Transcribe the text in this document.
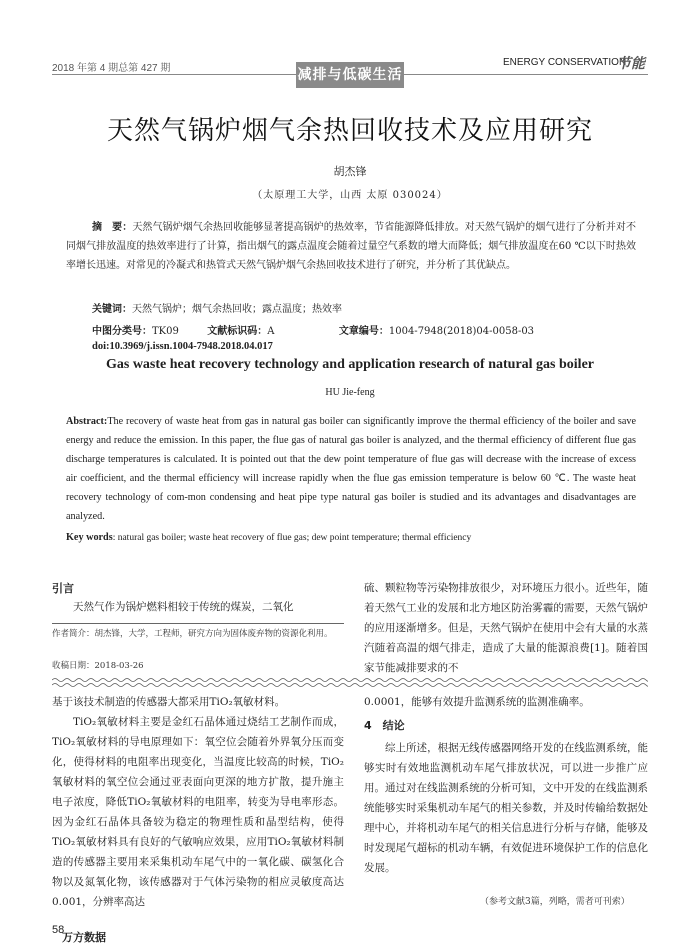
2018 年第 4 期总第 427 期
ENERGY CONSERVATION
节能
减排与低碳生活
天然气锅炉烟气余热回收技术及应用研究
胡杰锋
（太原理工大学，山西 太原 030024）
摘　要：天然气锅炉烟气余热回收能够显著提高锅炉的热效率，节省能源降低排放。对天然气锅炉的烟气进行了分析并对不同烟气排放温度的热效率进行了计算，指出烟气的露点温度会随着过量空气系数的增大而降低；烟气排放温度在60 ℃以下时热效率增长迅速。对常见的冷凝式和热管式天然气锅炉烟气余热回收技术进行了研究，并分析了其优缺点。
关键词：天然气锅炉；烟气余热回收；露点温度；热效率
中图分类号：TK09	文献标识码：A	文章编号：1004-7948(2018)04-0058-03
doi:10.3969/j.issn.1004-7948.2018.04.017
Gas waste heat recovery technology and application research of natural gas boiler
HU Jie-feng
Abstract:The recovery of waste heat from gas in natural gas boiler can significantly improve the thermal efficiency of the boiler and save energy and reduce the emission. In this paper, the flue gas of natural gas boiler is analyzed, and the thermal efficiency of different flue gas discharge temperatures is calculated. It is pointed out that the dew point temperature of flue gas will decrease with the increase of excess air coefficient, and the thermal efficiency will increase rapidly when the flue gas emission temperature is below 60 ℃. The waste heat recovery technology of com-mon condensing and heat pipe type natural gas boiler is studied and its advantages and disadvantages are analyzed.
Key words: natural gas boiler; waste heat recovery of flue gas; dew point temperature; thermal efficiency
引言
天然气作为锅炉燃料相较于传统的煤炭，二氧化
作者简介：胡杰锋，大学，工程师，研究方向为固体废弃物的资源化利用。
收稿日期：2018-03-26
硫、颗粒物等污染物排放很少，对环境压力很小。近些年，随着天然气工业的发展和北方地区防治雾霾的需要，天然气锅炉的应用逐渐增多。但是，天然气锅炉在使用中会有大量的水蒸汽随着高温的烟气排走，造成了大量的能源浪费[1]。随着国家节能减排要求的不
基于该技术制造的传感器大都采用TiO₂氧敏材料。
TiO₂氧敏材料主要是金红石晶体通过烧结工艺制作而成，TiO₂氧敏材料的导电原理如下：氧空位会随着外界氧分压而变化，使得材料的电阻率出现变化，当温度比较高的时候，TiO₂氧敏材料的氧空位会通过亚表面向更深的地方扩散，提升施主电子浓度，降低TiO₂氧敏材料的电阻率，转变为导电率形态。因为金红石晶体具备较为稳定的物理性质和晶型结构，使得TiO₂氧敏材料具有良好的气敏响应效果，应用TiO₂氧敏材料制造的传感器主要用来采集机动车尾气中的一氧化碳、碳氢化合物以及氮氧化物，该传感器对于气体污染物的相应灵敏度高达0.001，分辨率高达
0.0001，能够有效提升监测系统的监测准确率。
4　结论
综上所述，根据无线传感器网络开发的在线监测系统，能够实时有效地监测机动车尾气排放状况，可以进一步推广应用。通过对在线监测系统的分析可知，文中开发的在线监测系统能够实时采集机动车尾气的相关参数，并及时传输给数据处理中心，并将机动车尾气的相关信息进行分析与存储，能够及时发现尾气超标的机动车辆，有效促进环境保护工作的信息化发展。
（参考文献3篇，列略，需者可刊索）
58
万方数据
